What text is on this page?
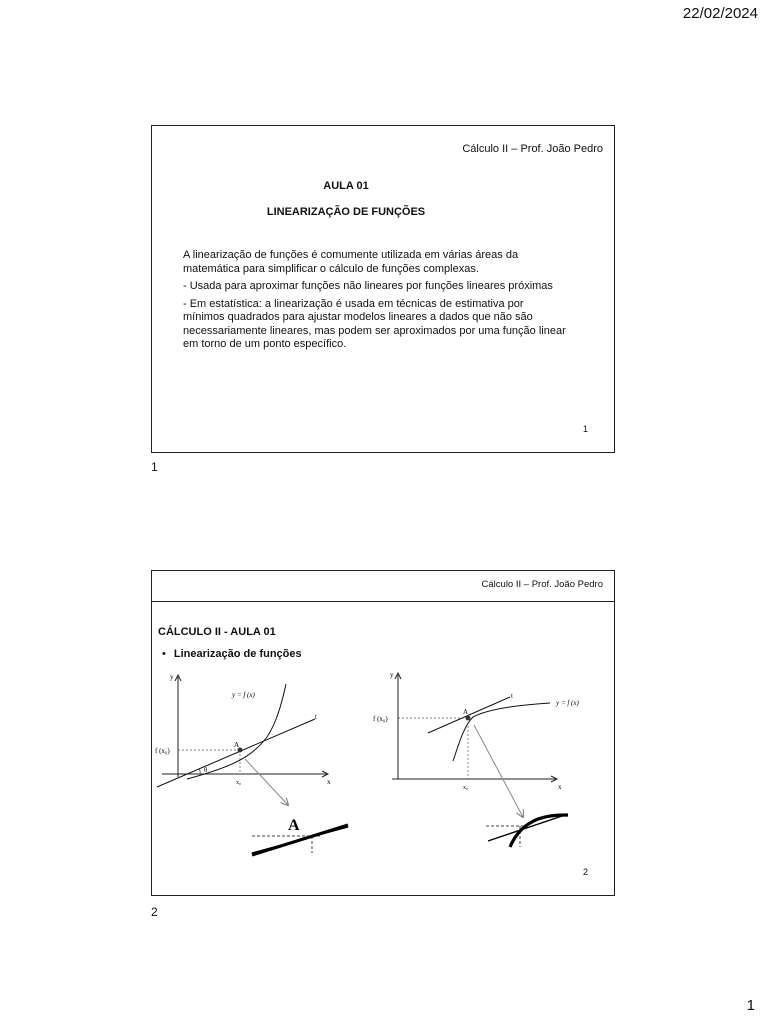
22/02/2024
Cálculo II – Prof. João Pedro
AULA 01
LINEARIZAÇÃO DE FUNÇÕES

A linearização de funções é comumente utilizada em várias áreas da matemática para simplificar o cálculo de funções complexas.

- Usada para aproximar funções não lineares por funções lineares próximas

- Em estatística: a linearização é usada em técnicas de estimativa por mínimos quadrados para ajustar modelos lineares a dados que não são necessariamente lineares, mas podem ser aproximados por uma função linear em torno de um ponto específico.

1
1
Cálculo II – Prof. João Pedro
CÁLCULO II - AULA 01
• Linearização de funções
y
x
t
f (x₀)
x₀
A
y = f (x)
θ
A
y
x
t
f (x₀)
x₀
A
y = f (x)
2
2
1
